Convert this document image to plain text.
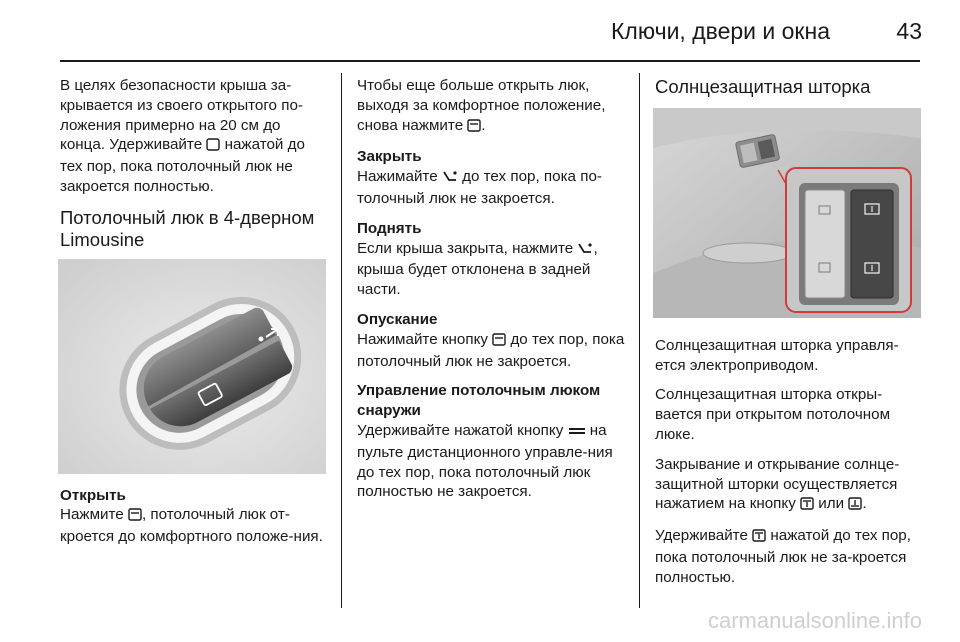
Ключи, двери и окна	43

В целях безопасности крыша за-крывается из своего открытого по-ложения примерно на 20 см до конца. Удерживайте  нажатой до тех пор, пока потолочный люк не закроется полностью.

Потолочный люк в 4-дверном Limousine
Открыть

Нажмите , потолочный люк от-кроется до комфортного положе-ния.

Чтобы еще больше открыть люк, выходя за комфортное положение, снова нажмите .

Закрыть

Нажимайте  до тех пор, пока по-толочный люк не закроется.

Поднять

Если крыша закрыта, нажмите , крыша будет отклонена в задней части.

Опускание

Нажимайте кнопку  до тех пор, пока потолочный люк не закроется.

Управление потолочным люком снаружи

Удерживайте нажатой кнопку  на пульте дистанционного управле-ния до тех пор, пока потолочный люк полностью не закроется.

Солнцезащитная шторка

Солнцезащитная шторка управля-ется электроприводом.

Солнцезащитная шторка откры-вается при открытом потолочном люке.

Закрывание и открывание солнце-защитной шторки осуществляется нажатием на кнопку  или .

Удерживайте  нажатой до тех пор, пока потолочный люк не за-кроется полностью.

carmanualsonline.info
